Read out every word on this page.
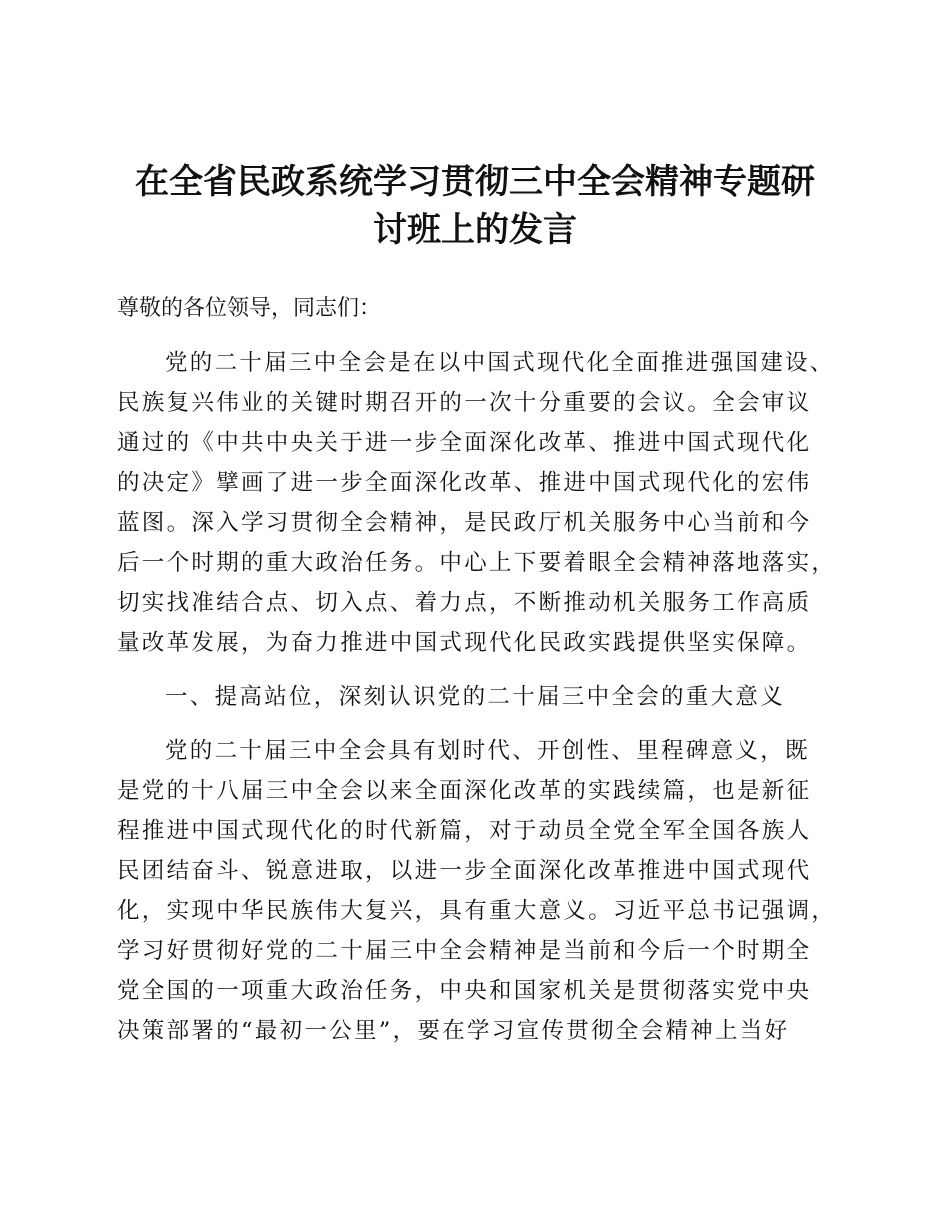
在全省民政系统学习贯彻三中全会精神专题研
讨班上的发言

尊敬的各位领导，同志们：

党的二十届三中全会是在以中国式现代化全面推进强国建设、
民族复兴伟业的关键时期召开的一次十分重要的会议。全会审议
通过的《中共中央关于进一步全面深化改革、推进中国式现代化
的决定》擘画了进一步全面深化改革、推进中国式现代化的宏伟
蓝图。深入学习贯彻全会精神，是民政厅机关服务中心当前和今
后一个时期的重大政治任务。中心上下要着眼全会精神落地落实，
切实找准结合点、切入点、着力点，不断推动机关服务工作高质
量改革发展，为奋力推进中国式现代化民政实践提供坚实保障。

一、提高站位，深刻认识党的二十届三中全会的重大意义

党的二十届三中全会具有划时代、开创性、里程碑意义，既
是党的十八届三中全会以来全面深化改革的实践续篇，也是新征
程推进中国式现代化的时代新篇，对于动员全党全军全国各族人
民团结奋斗、锐意进取，以进一步全面深化改革推进中国式现代
化，实现中华民族伟大复兴，具有重大意义。习近平总书记强调，
学习好贯彻好党的二十届三中全会精神是当前和今后一个时期全
党全国的一项重大政治任务，中央和国家机关是贯彻落实党中央
决策部署的“最初一公里”，要在学习宣传贯彻全会精神上当好
